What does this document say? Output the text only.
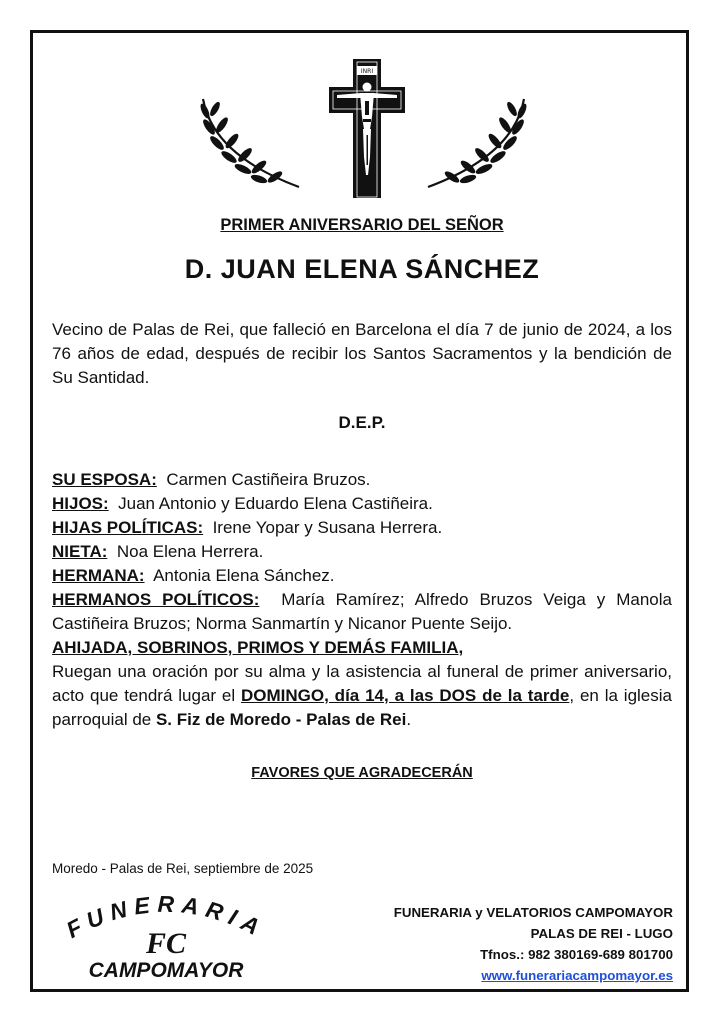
INRI
PRIMER ANIVERSARIO DEL SEÑOR
D. JUAN ELENA SÁNCHEZ
Vecino de Palas de Rei, que falleció en Barcelona el día 7 de junio de 2024, a los 76 años de edad, después de recibir los Santos Sacramentos y la bendición de Su Santidad.
D.E.P.

SU ESPOSA: Carmen Castiñeira Bruzos.

HIJOS: Juan Antonio y Eduardo Elena Castiñeira.

HIJAS POLÍTICAS: Irene Yopar y Susana Herrera.

NIETA: Noa Elena Herrera.

HERMANA: Antonia Elena Sánchez.

HERMANOS POLÍTICOS: María Ramírez; Alfredo Bruzos Veiga y Manola Castiñeira Bruzos; Norma Sanmartín y Nicanor Puente Seijo.

AHIJADA, SOBRINOS, PRIMOS Y DEMÁS FAMILIA,

Ruegan una oración por su alma y la asistencia al funeral de primer aniversario, acto que tendrá lugar el DOMINGO, día 14, a las DOS de la tarde, en la iglesia parroquial de S. Fiz de Moredo - Palas de Rei.

FAVORES QUE AGRADECERÁN
Moredo - Palas de Rei, septiembre de 2025
FUNERARIA
FC
CAMPOMAYOR
FUNERARIA y VELATORIOS CAMPOMAYOR
PALAS DE REI - LUGO
Tfnos.: 982 380169-689 801700
www.funerariacampomayor.es
